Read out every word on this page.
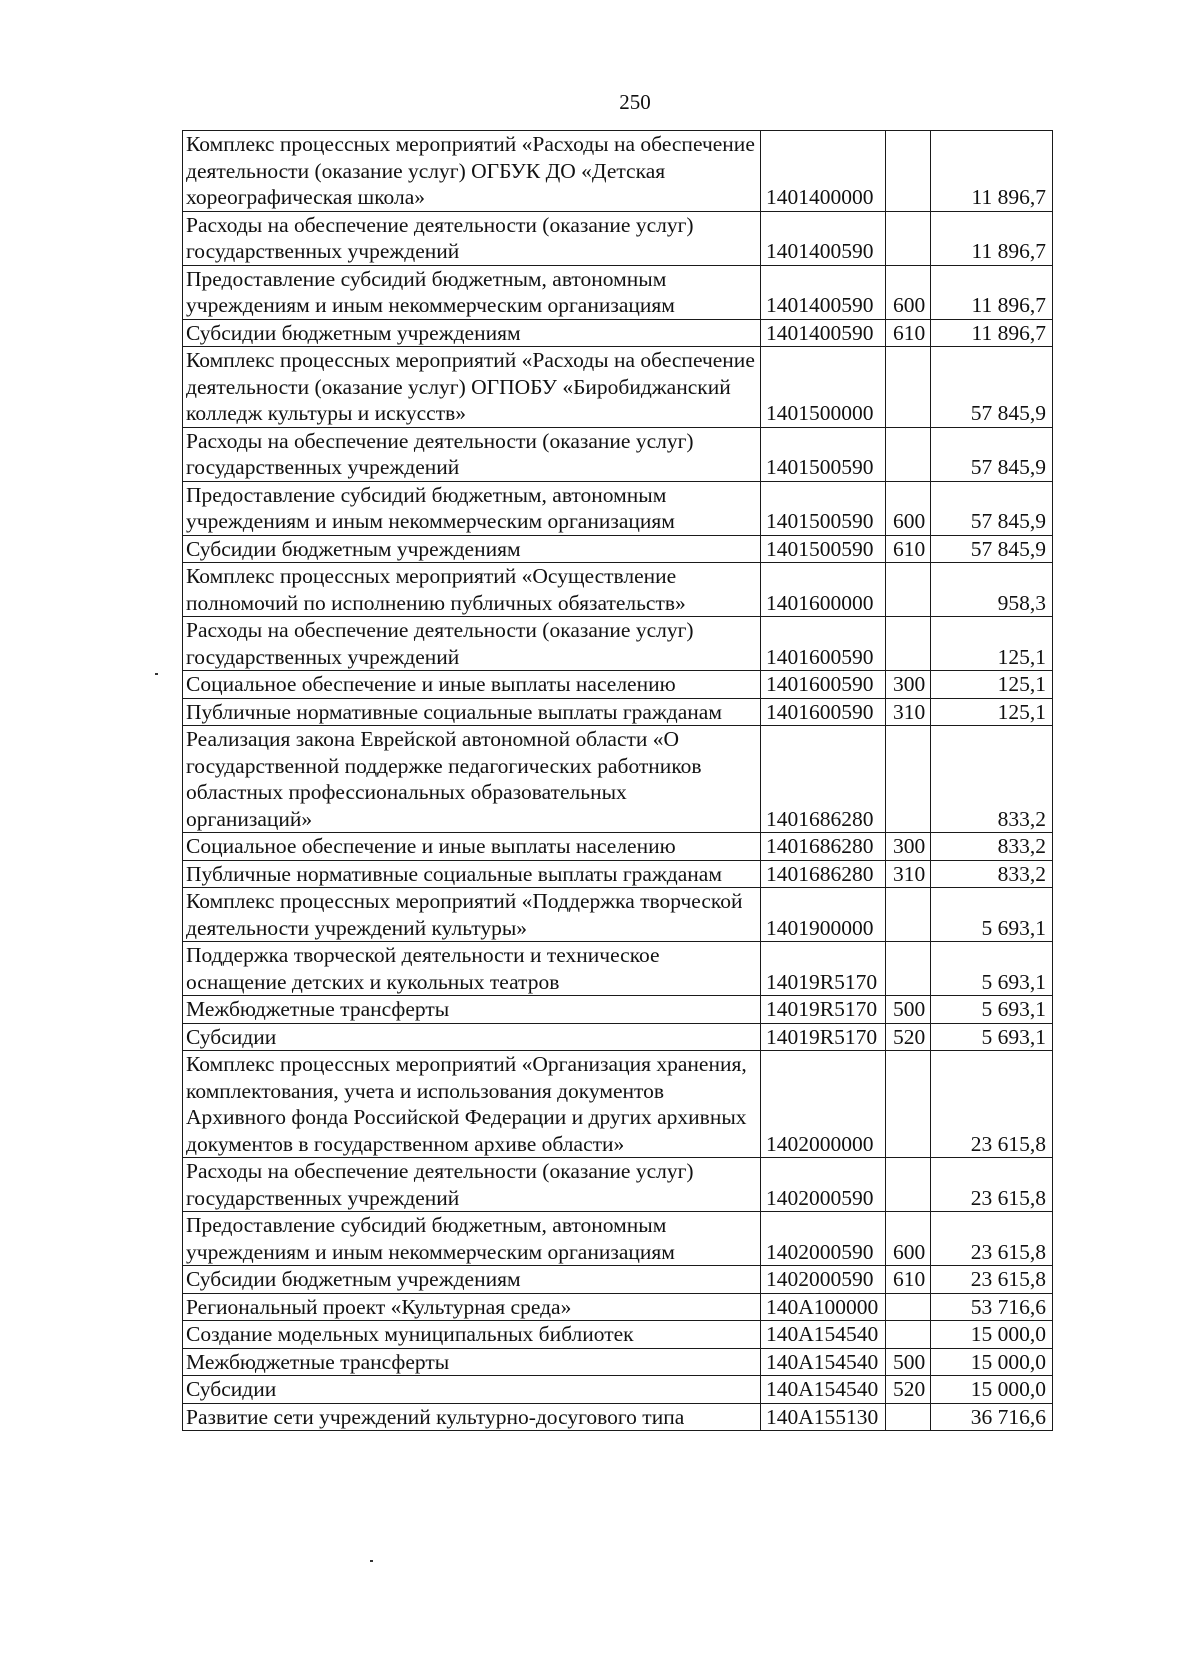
250
Комплекс процессных мероприятий «Расходы на обеспечение деятельности (оказание услуг) ОГБУК ДО «Детская хореографическая школа»	1401400000		11 896,7
Расходы на обеспечение деятельности (оказание услуг) государственных учреждений	1401400590		11 896,7
Предоставление субсидий бюджетным, автономным учреждениям и иным некоммерческим организациям	1401400590	600	11 896,7
Субсидии бюджетным учреждениям	1401400590	610	11 896,7
Комплекс процессных мероприятий «Расходы на обеспечение деятельности (оказание услуг) ОГПОБУ «Биробиджанский колледж культуры и искусств»	1401500000		57 845,9
Расходы на обеспечение деятельности (оказание услуг) государственных учреждений	1401500590		57 845,9
Предоставление субсидий бюджетным, автономным учреждениям и иным некоммерческим организациям	1401500590	600	57 845,9
Субсидии бюджетным учреждениям	1401500590	610	57 845,9
Комплекс процессных мероприятий «Осуществление полномочий по исполнению публичных обязательств»	1401600000		958,3
Расходы на обеспечение деятельности (оказание услуг) государственных учреждений	1401600590		125,1
Социальное обеспечение и иные выплаты населению	1401600590	300	125,1
Публичные нормативные социальные выплаты гражданам	1401600590	310	125,1
Реализация закона Еврейской автономной области «О государственной поддержке педагогических работников областных профессиональных образовательных организаций»	1401686280		833,2
Социальное обеспечение и иные выплаты населению	1401686280	300	833,2
Публичные нормативные социальные выплаты гражданам	1401686280	310	833,2
Комплекс процессных мероприятий «Поддержка творческой деятельности учреждений культуры»	1401900000		5 693,1
Поддержка творческой деятельности и техническое оснащение детских и кукольных театров	14019R5170		5 693,1
Межбюджетные трансферты	14019R5170	500	5 693,1
Субсидии	14019R5170	520	5 693,1
Комплекс процессных мероприятий «Организация хранения, комплектования, учета и использования документов Архивного фонда Российской Федерации и других архивных документов в государственном архиве области»	1402000000		23 615,8
Расходы на обеспечение деятельности (оказание услуг) государственных учреждений	1402000590		23 615,8
Предоставление субсидий бюджетным, автономным учреждениям и иным некоммерческим организациям	1402000590	600	23 615,8
Субсидии бюджетным учреждениям	1402000590	610	23 615,8
Региональный проект «Культурная среда»	140А100000		53 716,6
Создание модельных муниципальных библиотек	140А154540		15 000,0
Межбюджетные трансферты	140А154540	500	15 000,0
Субсидии	140А154540	520	15 000,0
Развитие сети учреждений культурно-досугового типа	140А155130		36 716,6
